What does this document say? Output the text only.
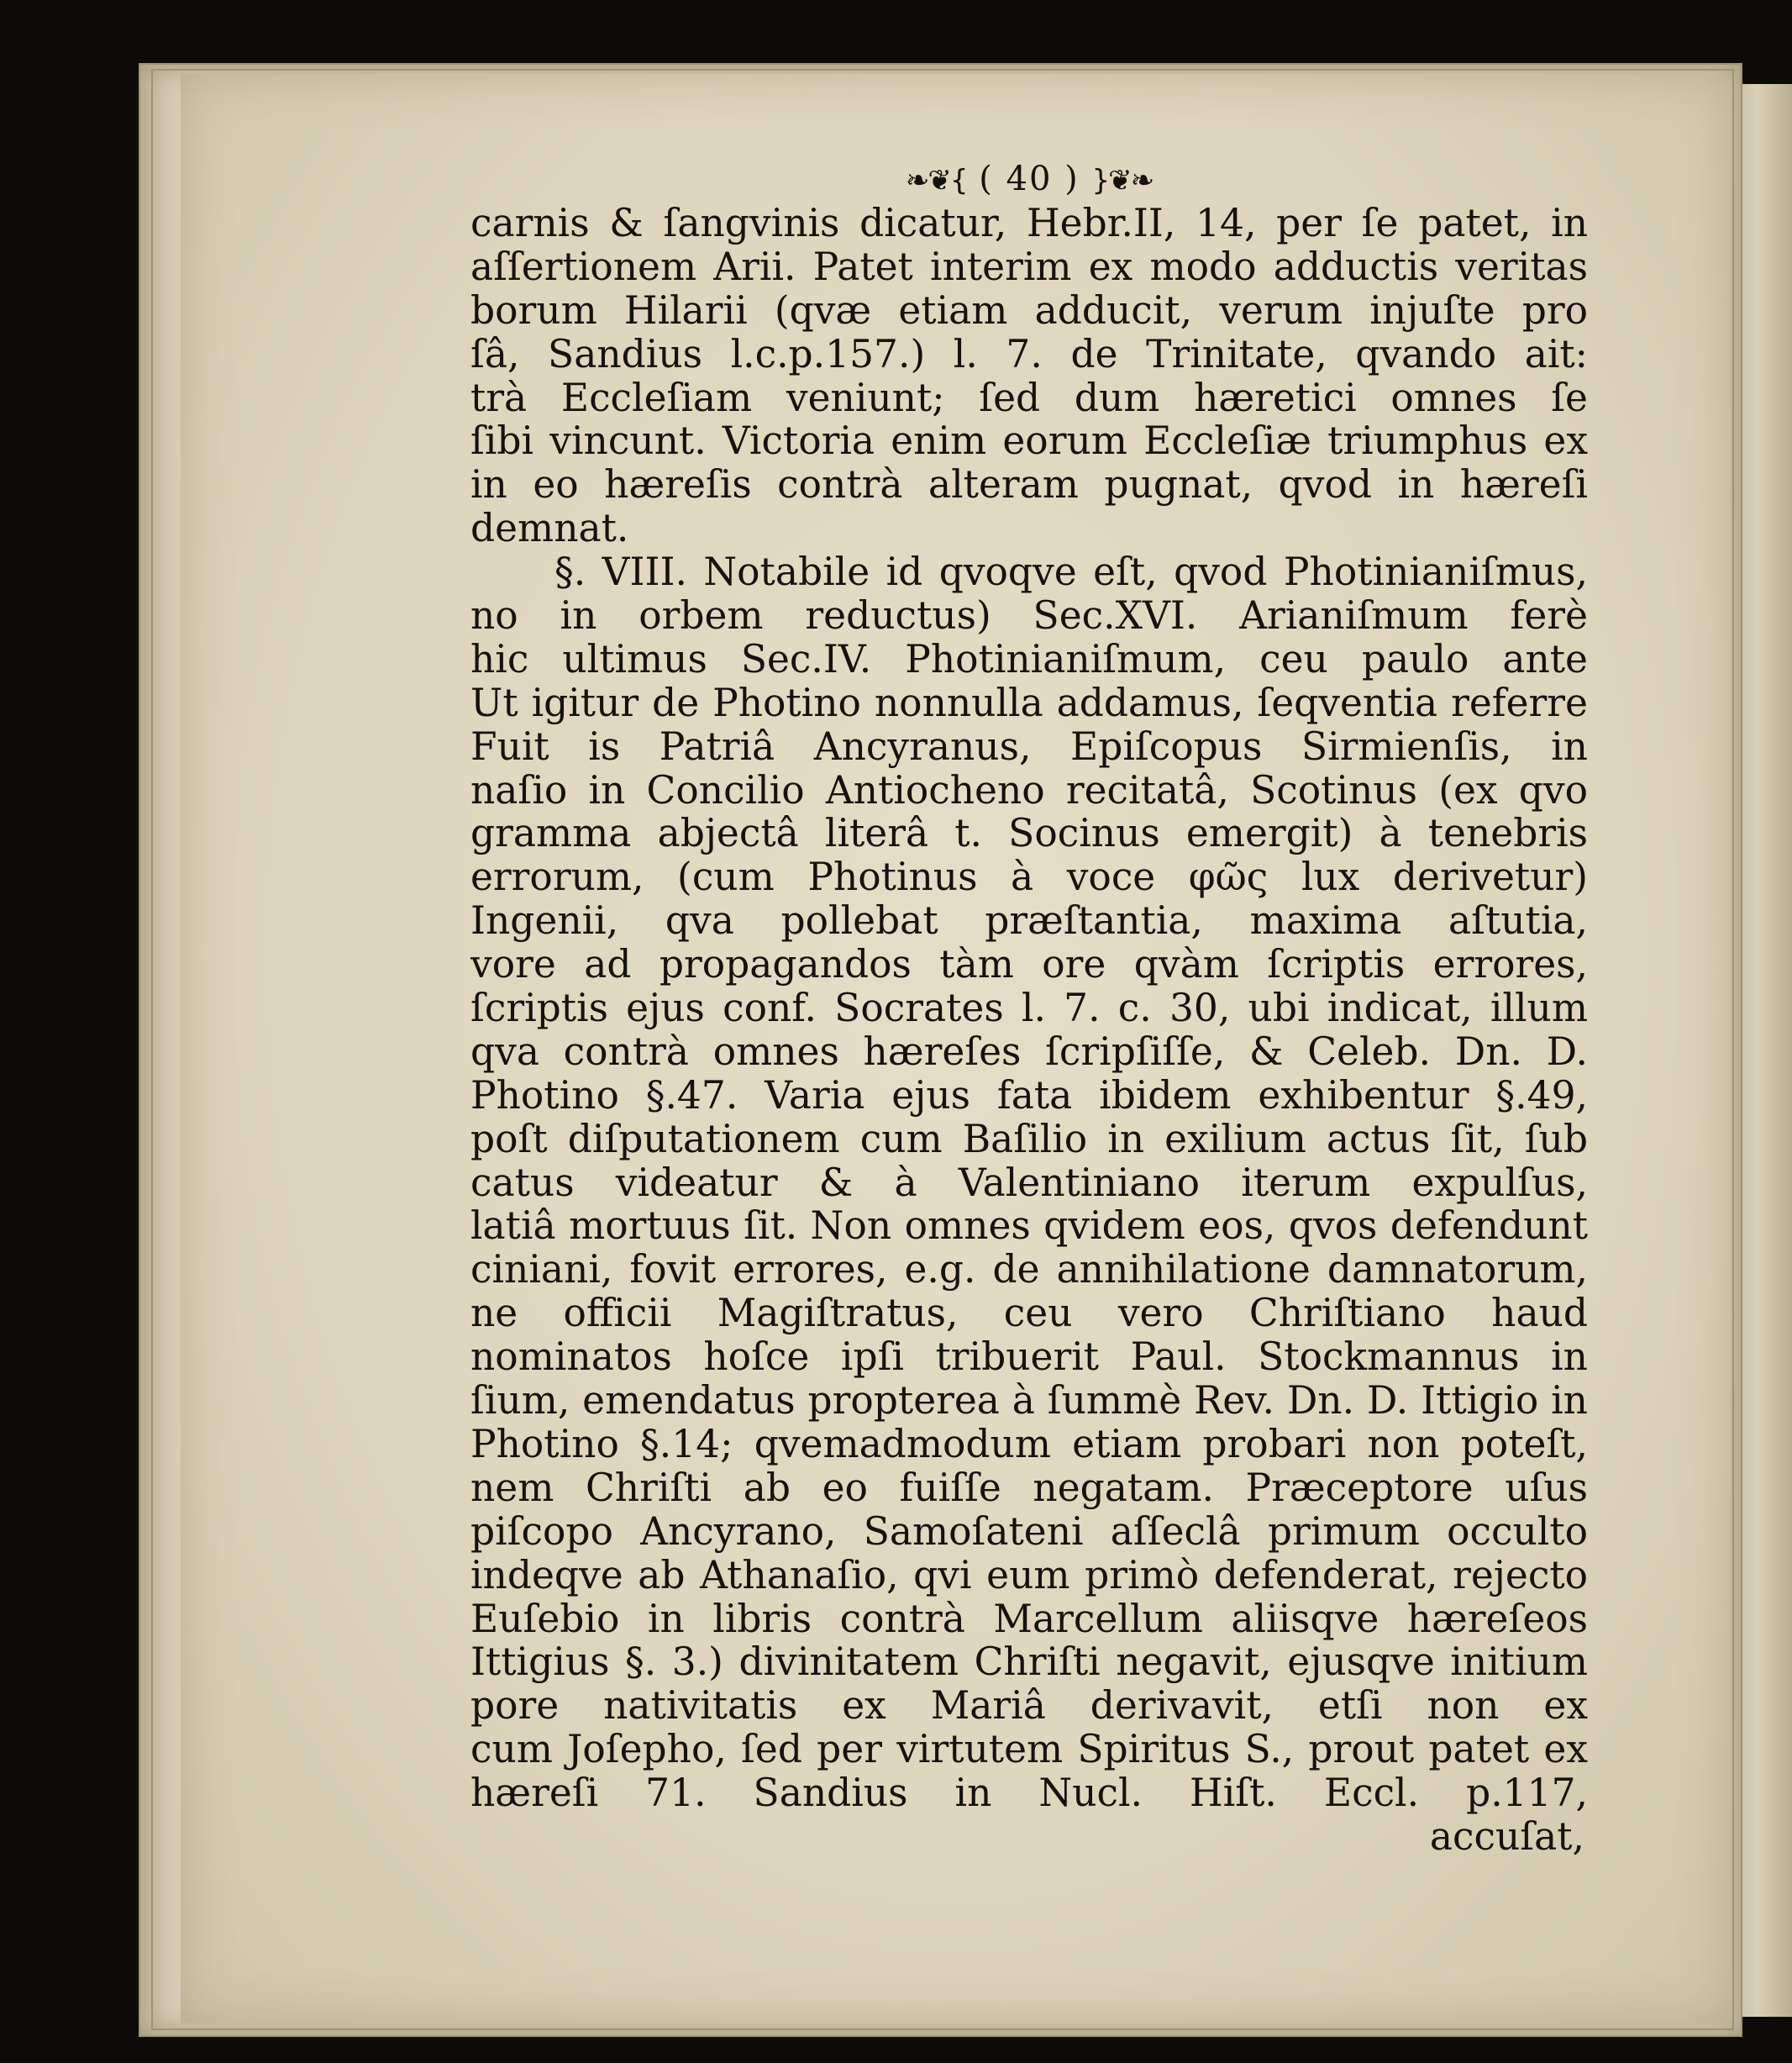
❧❦{ ( 40 ) }❦❧
carnis & ſangvinis dicatur, Hebr.II, 14, per ſe patet, in
aſſertionem Arii. Patet interim ex modo adductis veritas
borum Hilarii (qvæ etiam adducit, verum injuſte pro
ſâ, Sandius l.c.p.157.) l. 7. de Trinitate, qvando ait:
trà Eccleſiam veniunt; ſed dum hæretici omnes ſe
ſibi vincunt. Victoria enim eorum Eccleſiæ triumphus ex
in eo hæreſis contrà alteram pugnat, qvod in hæreſi
demnat.
§. VIII. Notabile id qvoqve eſt, qvod Photinianiſmus,
no in orbem reductus) Sec.XVI. Arianiſmum ferè
hic ultimus Sec.IV. Photinianiſmum, ceu paulo ante
Ut igitur de Photino nonnulla addamus, ſeqventia referre
Fuit is Patriâ Ancyranus, Epiſcopus Sirmienſis, in
naſio in Concilio Antiocheno recitatâ, Scotinus (ex qvo
gramma abjectâ literâ t. Socinus emergit) à tenebris
errorum, (cum Photinus à voce φῶς lux derivetur)
Ingenii, qva pollebat præſtantia, maxima aſtutia,
vore ad propagandos tàm ore qvàm ſcriptis errores,
ſcriptis ejus conf. Socrates l. 7. c. 30, ubi indicat, illum
qva contrà omnes hæreſes ſcripſiſſe, & Celeb. Dn. D.
Photino §.47. Varia ejus fata ibidem exhibentur §.49,
poſt diſputationem cum Baſilio in exilium actus ſit, ſub
catus videatur & à Valentiniano iterum expulſus,
latiâ mortuus ſit. Non omnes qvidem eos, qvos defendunt
ciniani, fovit errores, e.g. de annihilatione damnatorum,
ne officii Magiſtratus, ceu vero Chriſtiano haud
nominatos hoſce ipſi tribuerit Paul. Stockmannus in
ſium, emendatus propterea à ſummè Rev. Dn. D. Ittigio in
Photino §.14; qvemadmodum etiam probari non poteſt,
nem Chriſti ab eo fuiſſe negatam. Præceptore uſus
piſcopo Ancyrano, Samoſateni aſſeclâ primum occulto
indeqve ab Athanaſio, qvi eum primò defenderat, rejecto
Euſebio in libris contrà Marcellum aliisqve hæreſeos
Ittigius §. 3.) divinitatem Chriſti negavit, ejusqve initium
pore nativitatis ex Mariâ derivavit, etſi non ex
cum Joſepho, ſed per virtutem Spiritus S., prout patet ex
hæreſi 71. Sandius in Nucl. Hiſt. Eccl. p.117,
accuſat,
